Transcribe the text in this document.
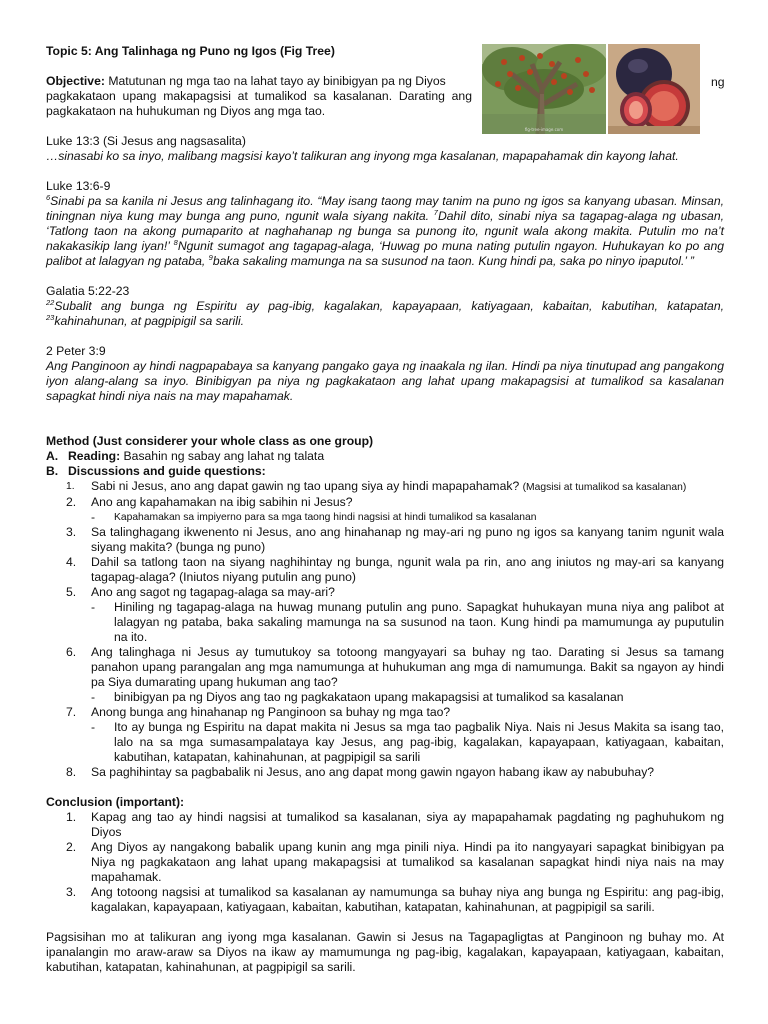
Topic 5: Ang Talinhaga ng Puno ng Igos (Fig Tree)

Objective: Matutunan ng mga tao na lahat tayo ay binibigyan pa ng Diyos	ng

pagkakataon upang makapagsisi at tumalikod sa kasalanan. Darating ang pagkakataon na huhukuman ng Diyos ang mga tao.

fig-tree-image.com

Luke 13:3 (Si Jesus ang nagsasalita)

…sinasabi ko sa inyo, malibang magsisi kayo’t talikuran ang inyong mga kasalanan, mapapahamak din kayong lahat.

Luke 13:6-9

$^6$Sinabi pa sa kanila ni Jesus ang talinhagang ito. “May isang taong may tanim na puno ng igos sa kanyang ubasan. Minsan, tiningnan niya kung may bunga ang puno, ngunit wala siyang nakita. $^7$Dahil dito, sinabi niya sa tagapag-alaga ng ubasan, ‘Tatlong taon na akong pumaparito at naghahanap ng bunga sa punong ito, ngunit wala akong makita. Putulin mo na’t nakakasikip lang iyan!’ $^8$Ngunit sumagot ang tagapag-alaga, ‘Huwag po muna nating putulin ngayon. Huhukayan ko po ang palibot at lalagyan ng pataba, $^9$baka sakaling mamunga na sa susunod na taon. Kung hindi pa, saka po ninyo ipaputol.’ ”

Galatia 5:22-23

$^{22}$Subalit ang bunga ng Espiritu ay pag-ibig, kagalakan, kapayapaan, katiyagaan, kabaitan, kabutihan, katapatan, $^{23}$kahinahunan, at pagpipigil sa sarili.

2 Peter 3:9

Ang Panginoon ay hindi nagpapabaya sa kanyang pangako gaya ng inaakala ng ilan. Hindi pa niya tinutupad ang pangakong iyon alang-alang sa inyo. Binibigyan pa niya ng pagkakataon ang lahat upang makapagsisi at tumalikod sa kasalanan sapagkat hindi niya nais na may mapahamak.

Method (Just considerer your whole class as one group)

A. Reading: Basahin ng sabay ang lahat ng talata
B. Discussions and guide questions:
1.	Sabi ni Jesus, ano ang dapat gawin ng tao upang siya ay hindi mapapahamak? (Magsisi at tumalikod sa kasalanan)
2.	Ano ang kapahamakan na ibig sabihin ni Jesus?
-	Kapahamakan sa impiyerno para sa mga taong hindi nagsisi at hindi tumalikod sa kasalanan
3.	Sa talinghagang ikwenento ni Jesus, ano ang hinahanap ng may-ari ng puno ng igos sa kanyang tanim ngunit wala siyang makita? (bunga ng puno)
4.	Dahil sa tatlong taon na siyang naghihintay ng bunga, ngunit wala pa rin, ano ang iniutos ng may-ari sa kanyang tagapag-alaga? (Iniutos niyang putulin ang puno)
5.	Ano ang sagot ng tagapag-alaga sa may-ari?
-	Hiniling ng tagapag-alaga na huwag munang putulin ang puno. Sapagkat huhukayan muna niya ang palibot at lalagyan ng pataba, baka sakaling mamunga na sa susunod na taon. Kung hindi pa mamumunga ay puputulin na ito.
6.	Ang talinghaga ni Jesus ay tumutukoy sa totoong mangyayari sa buhay ng tao. Darating si Jesus sa tamang panahon upang parangalan ang mga namumunga at huhukuman ang mga di namumunga. Bakit sa ngayon ay hindi pa Siya dumarating upang hukuman ang tao?
-	binibigyan pa ng Diyos ang tao ng pagkakataon upang makapagsisi at tumalikod sa kasalanan
7.	Anong bunga ang hinahanap ng Panginoon sa buhay ng mga tao?
-	Ito ay bunga ng Espiritu na dapat makita ni Jesus sa mga tao pagbalik Niya. Nais ni Jesus Makita sa isang tao, lalo na sa mga sumasampalataya kay Jesus, ang pag-ibig, kagalakan, kapayapaan, katiyagaan, kabaitan, kabutihan, katapatan, kahinahunan, at pagpipigil sa sarili
8.	Sa paghihintay sa pagbabalik ni Jesus, ano ang dapat mong gawin ngayon habang ikaw ay nabubuhay?

Conclusion (important):

1.	Kapag ang tao ay hindi nagsisi at tumalikod sa kasalanan, siya ay mapapahamak pagdating ng paghuhukom ng Diyos
2.	Ang Diyos ay nangakong babalik upang kunin ang mga pinili niya. Hindi pa ito nangyayari sapagkat binibigyan pa Niya ng pagkakataon ang lahat upang makapagsisi at tumalikod sa kasalanan sapagkat hindi niya nais na may mapahamak.
3.	Ang totoong nagsisi at tumalikod sa kasalanan ay namumunga sa buhay niya ang bunga ng Espiritu: ang pag-ibig, kagalakan, kapayapaan, katiyagaan, kabaitan, kabutihan, katapatan, kahinahunan, at pagpipigil sa sarili.

Pagsisihan mo at talikuran ang iyong mga kasalanan. Gawin si Jesus na Tagapagligtas at Panginoon ng buhay mo. At ipanalangin mo araw-araw sa Diyos na ikaw ay mamumunga ng pag-ibig, kagalakan, kapayapaan, katiyagaan, kabaitan, kabutihan, katapatan, kahinahunan, at pagpipigil sa sarili.
